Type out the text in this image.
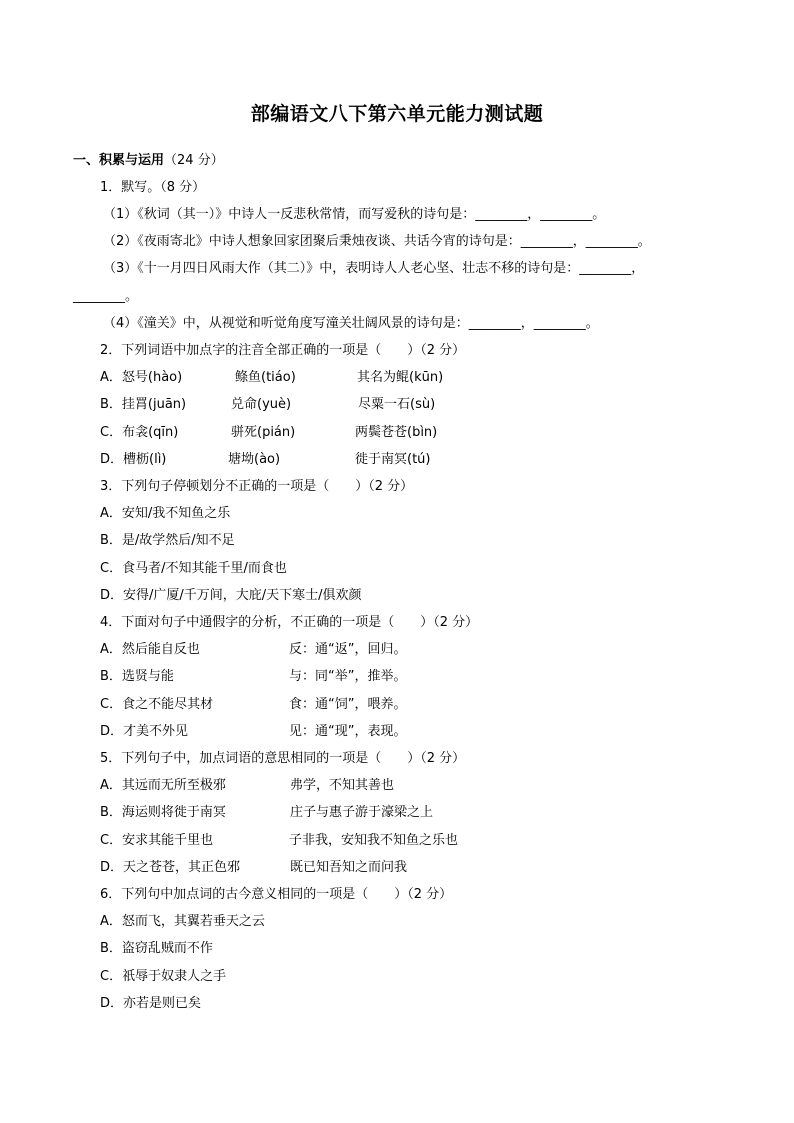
部编语文八下第六单元能力测试题
一、积累与运用（24 分）
1．默写。（8 分）
（1）《秋词（其一）》中诗人一反悲秋常情，而写爱秋的诗句是：________，________。
（2）《夜雨寄北》中诗人想象回家团聚后秉烛夜谈、共话今宵的诗句是：________，________。
（3）《十一月四日风雨大作（其二）》中，表明诗人人老心坚、壮志不移的诗句是：________，
________。
（4）《潼关》中，从视觉和听觉角度写潼关壮阔风景的诗句是：________，________。
2．下列词语中加点字的注音全部正确的一项是（　　）（2 分）
A．怒号(hào)	鲦鱼(tiáo)	其名为鲲(kūn)
B．挂罥(juān)	兑命(yuè)	尽粟一石(sù)
C．布衾(qīn)	骈死(pián)	两鬓苍苍(bìn)
D．槽枥(lì)	塘坳(ào)	徙于南冥(tú)
3．下列句子停顿划分不正确的一项是（　　）（2 分）
A．安知/我不知鱼之乐
B．是/故学然后/知不足
C．食马者/不知其能千里/而食也
D．安得/广厦/千万间，大庇/天下寒士/俱欢颜
4．下面对句子中通假字的分析，不正确的一项是（　　）（2 分）
A．然后能自反也	反：通“返”，回归。
B．选贤与能	与：同“举”，推举。
C．食之不能尽其材	食：通“饲”，喂养。
D．才美不外见	见：通“现”，表现。
5．下列句子中，加点词语的意思相同的一项是（　　）（2 分）
A．其远而无所至极邪	弗学，不知其善也
B．海运则将徙于南冥	庄子与惠子游于濠梁之上
C．安求其能千里也	子非我，安知我不知鱼之乐也
D．天之苍苍，其正色邪	既已知吾知之而问我
6．下列句中加点词的古今意义相同的一项是（　　）（2 分）
A．怒而飞，其翼若垂天之云
B．盗窃乱贼而不作
C．祇辱于奴隶人之手
D．亦若是则已矣
